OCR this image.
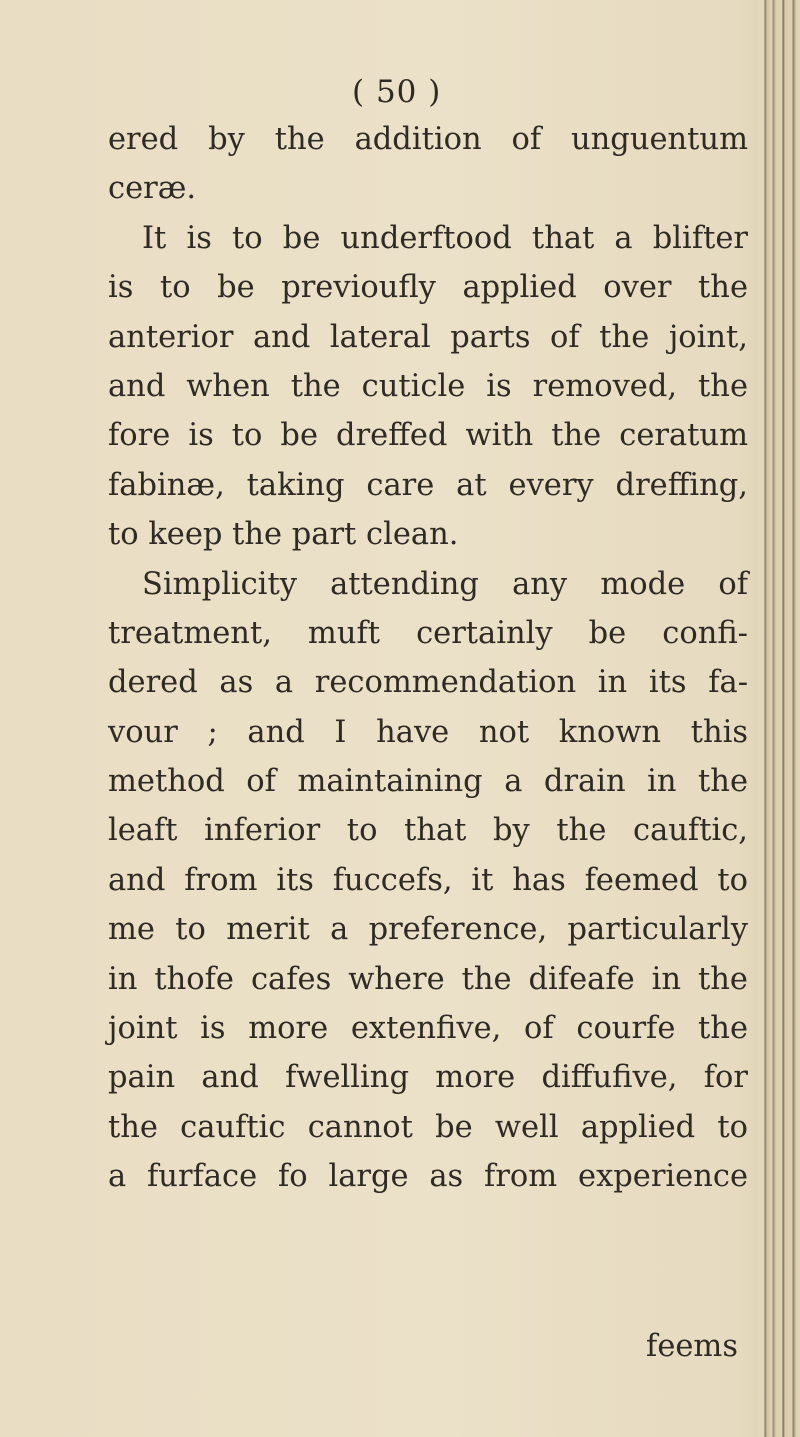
( 50 )
ered by the addition of unguentum
ceræ.
It is to be underftood that a blifter
is to be previoufly applied over the
anterior and lateral parts of the joint,
and when the cuticle is removed, the
fore is to be dreffed with the ceratum
fabinæ, taking care at every dreffing,
to keep the part clean.
Simplicity attending any mode of
treatment, muft certainly be confi-
dered as a recommendation in its fa-
vour ; and I have not known this
method of maintaining a drain in the
leaft inferior to that by the cauftic,
and from its fuccefs, it has feemed to
me to merit a preference, particularly
in thofe cafes where the difeafe in the
joint is more extenfive, of courfe the
pain and fwelling more diffufive, for
the cauftic cannot be well applied to
a furface fo large as from experience
feems
